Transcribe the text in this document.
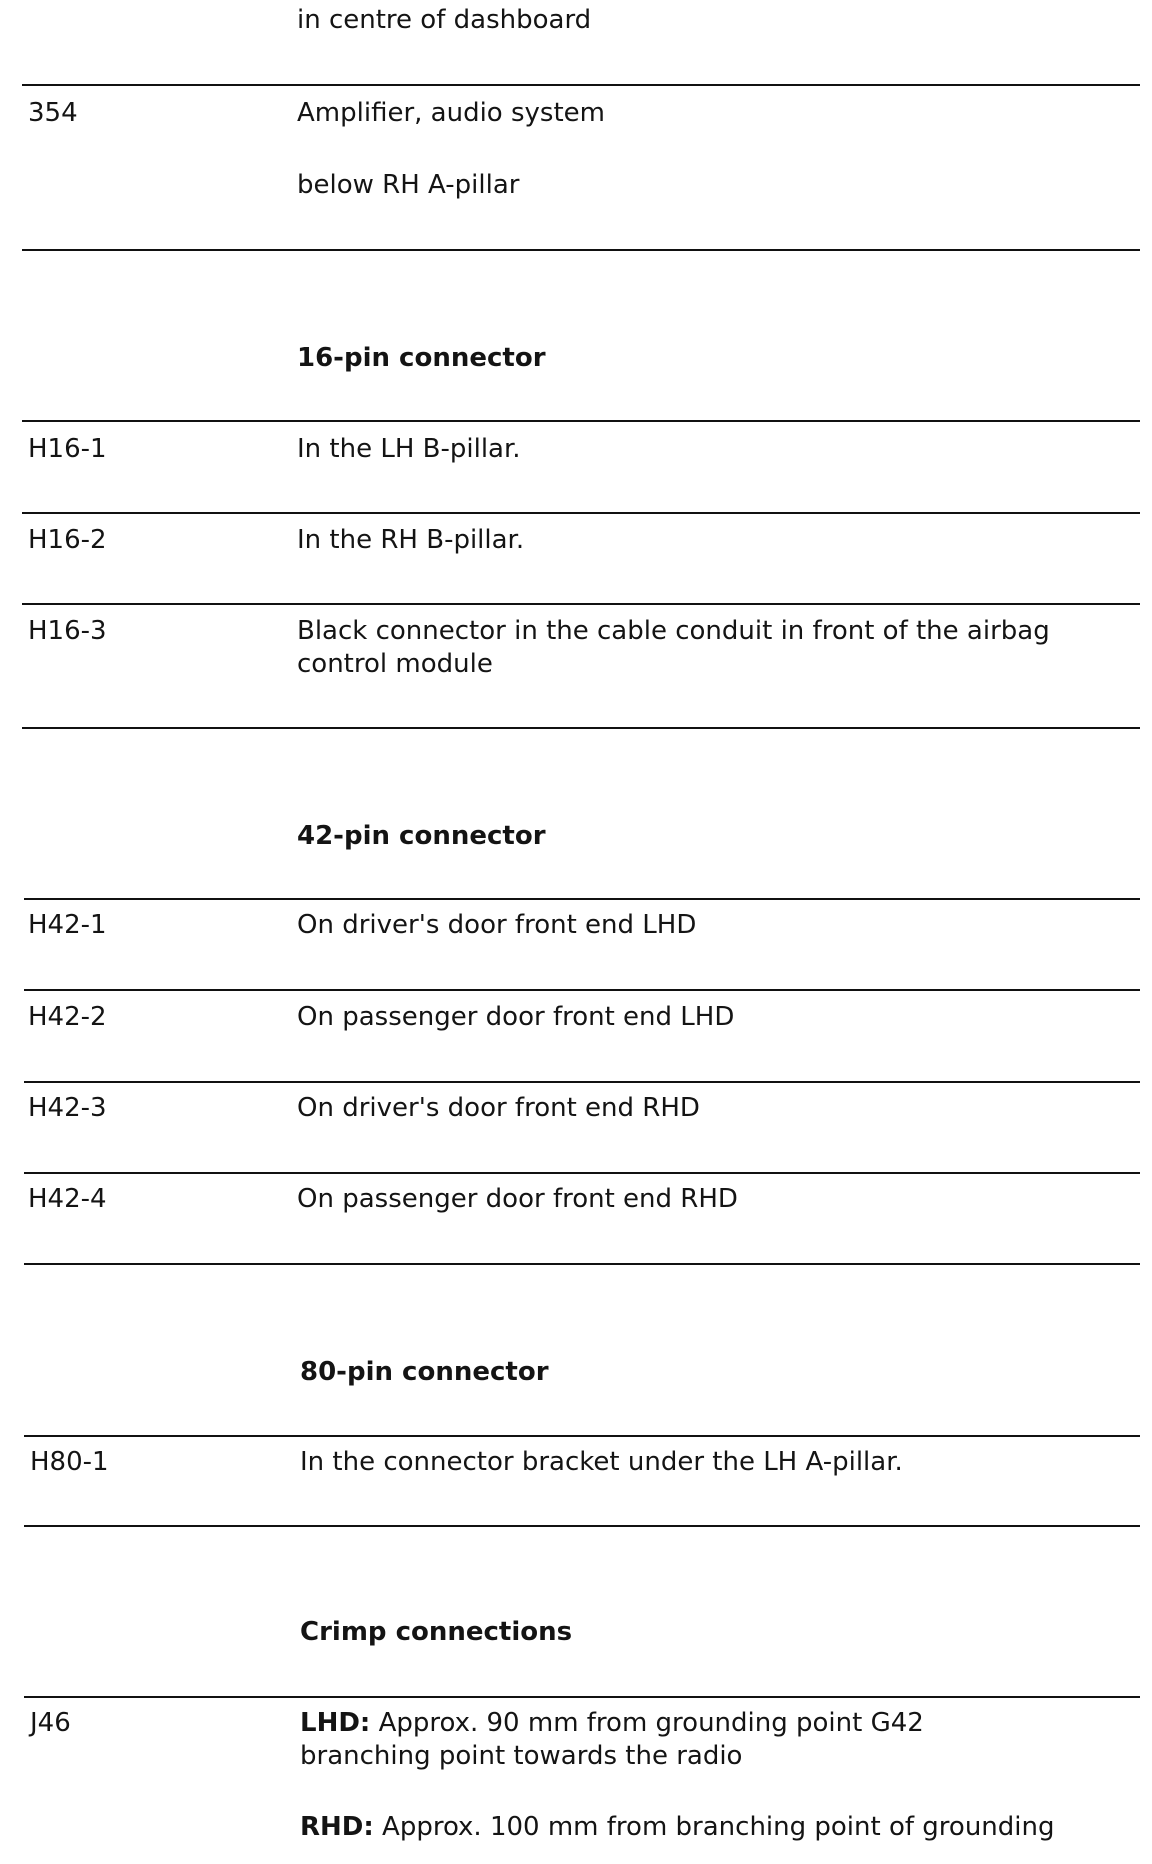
in centre of dashboard
354	Amplifier, audio system
below RH A-pillar
16-pin connector
H16-1	In the LH B-pillar.
H16-2	In the RH B-pillar.
H16-3	Black connector in the cable conduit in front of the airbag
control module
42-pin connector
H42-1	On driver's door front end LHD
H42-2	On passenger door front end LHD
H42-3	On driver's door front end RHD
H42-4	On passenger door front end RHD
80-pin connector
H80-1	In the connector bracket under the LH A-pillar.
Crimp connections
J46	LHD: Approx. 90 mm from grounding point G42
branching point towards the radio
RHD: Approx. 100 mm from branching point of grounding
